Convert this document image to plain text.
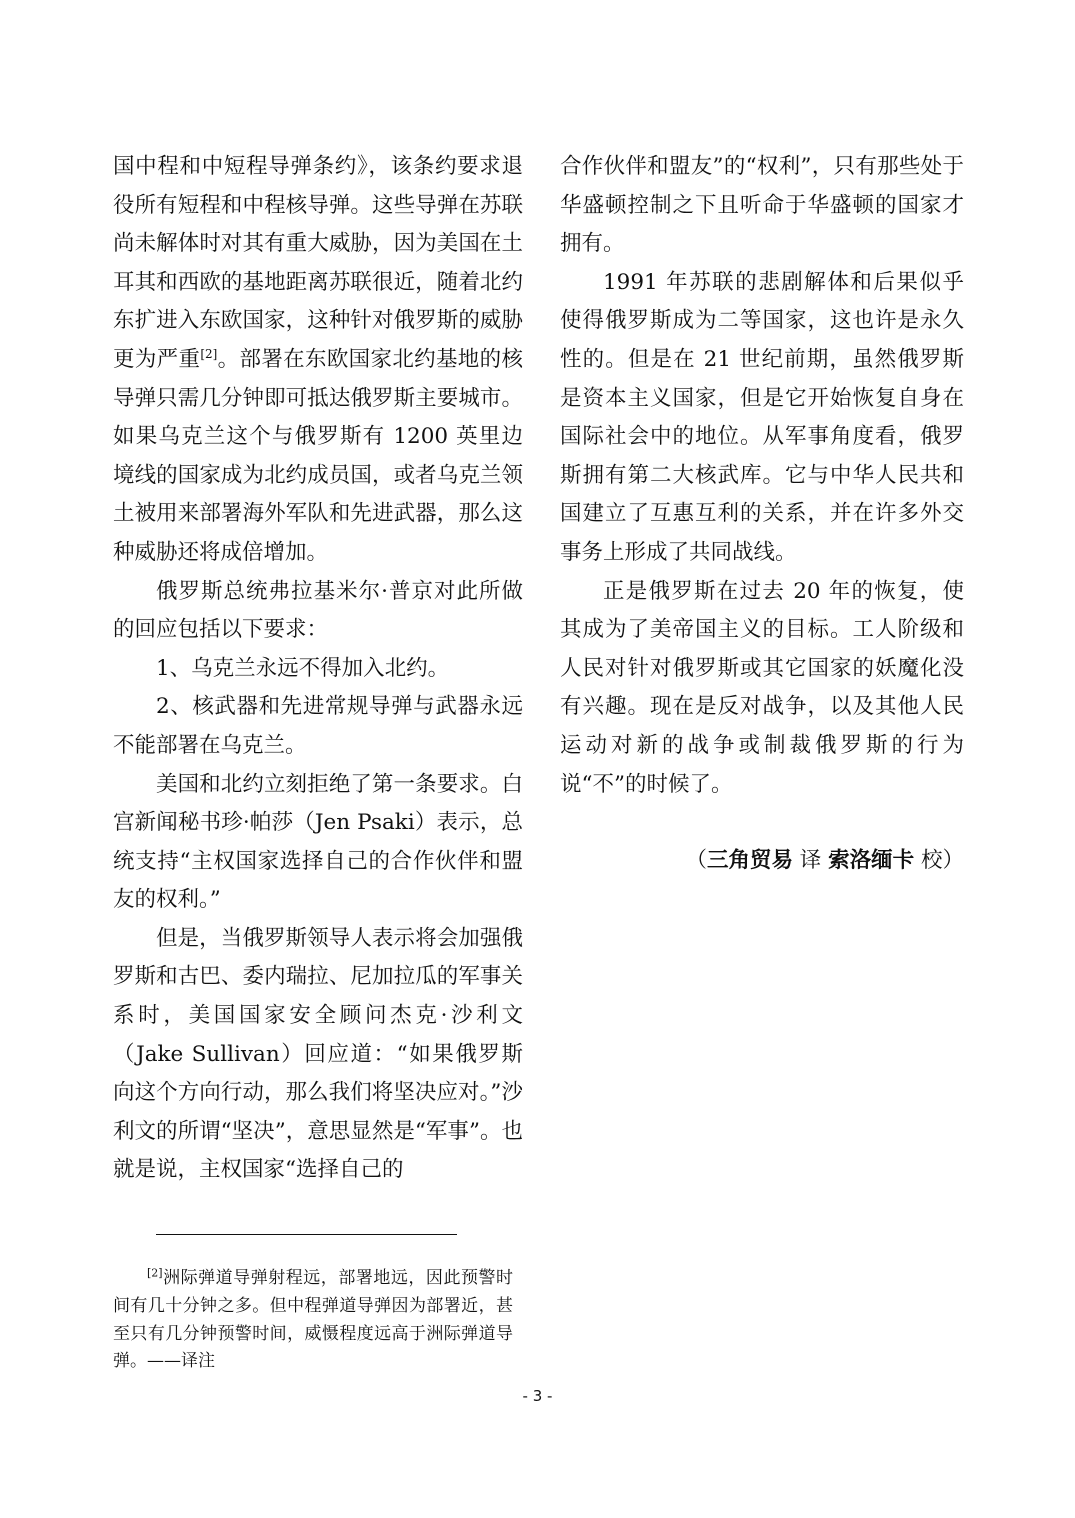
国中程和中短程导弹条约》，该条约要求退役所有短程和中程核导弹。这些导弹在苏联尚未解体时对其有重大威胁，因为美国在土耳其和西欧的基地距离苏联很近，随着北约东扩进入东欧国家，这种针对俄罗斯的威胁更为严重[2]。部署在东欧国家北约基地的核导弹只需几分钟即可抵达俄罗斯主要城市。如果乌克兰这个与俄罗斯有 1200 英里边境线的国家成为北约成员国，或者乌克兰领土被用来部署海外军队和先进武器，那么这种威胁还将成倍增加。

俄罗斯总统弗拉基米尔·普京对此所做的回应包括以下要求：

1、乌克兰永远不得加入北约。

2、核武器和先进常规导弹与武器永远不能部署在乌克兰。

美国和北约立刻拒绝了第一条要求。白宫新闻秘书珍·帕莎（Jen Psaki）表示，总统支持“主权国家选择自己的合作伙伴和盟友的权利。”

但是，当俄罗斯领导人表示将会加强俄罗斯和古巴、委内瑞拉、尼加拉瓜的军事关系时，美国国家安全顾问杰克·沙利文（Jake Sullivan）回应道：“如果俄罗斯向这个方向行动，那么我们将坚决应对。”沙利文的所谓“坚决”，意思显然是“军事”。也就是说，主权国家“选择自己的

合作伙伴和盟友”的“权利”，只有那些处于华盛顿控制之下且听命于华盛顿的国家才拥有。

1991 年苏联的悲剧解体和后果似乎使得俄罗斯成为二等国家，这也许是永久性的。但是在 21 世纪前期，虽然俄罗斯是资本主义国家，但是它开始恢复自身在国际社会中的地位。从军事角度看，俄罗斯拥有第二大核武库。它与中华人民共和国建立了互惠互利的关系，并在许多外交事务上形成了共同战线。

正是俄罗斯在过去 20 年的恢复，使其成为了美帝国主义的目标。工人阶级和人民对针对俄罗斯或其它国家的妖魔化没有兴趣。现在是反对战争，以及其他人民运动对新的战争或制裁俄罗斯的行为说“不”的时候了。

（三角贸易 译 索洛缅卡 校）

[2]洲际弹道导弹射程远，部署地远，因此预警时间有几十分钟之多。但中程弹道导弹因为部署近，甚至只有几分钟预警时间，威慑程度远高于洲际弹道导弹。——译注

- 3 -
